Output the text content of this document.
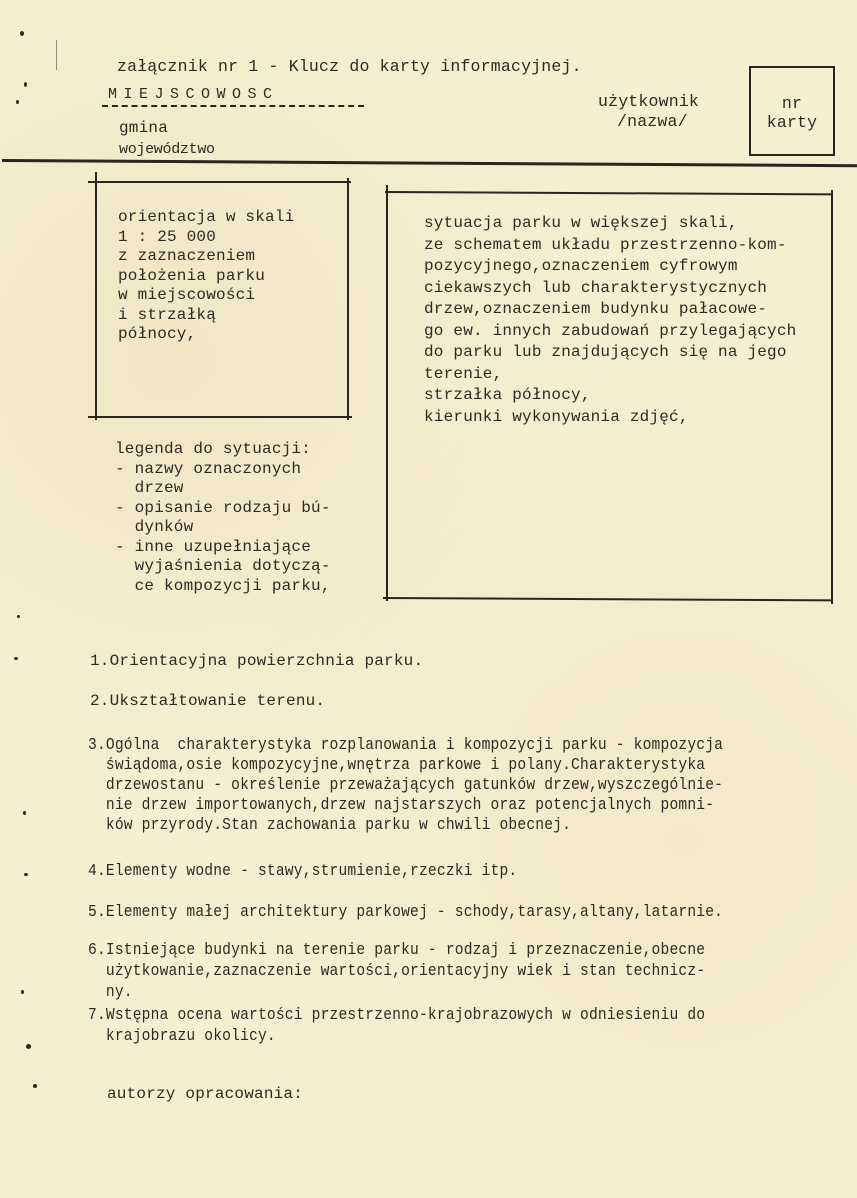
załącznik nr 1 - Klucz do karty informacyjnej.
MIEJSCOWOSC
gmina
województwo
użytkownik
/nazwa/
nr
karty
orientacja w skali
1 : 25 000
z zaznaczeniem
położenia parku
w miejscowości
i strzałką
północy,
legenda do sytuacji:
- nazwy oznaczonych
drzew
- opisanie rodzaju bú-
dynków
- inne uzupełniające
wyjaśnienia dotyczą-
ce kompozycji parku,
sytuacja parku w większej skali,
ze schematem układu przestrzenno-kom-
pozycyjnego,oznaczeniem cyfrowym
ciekawszych lub charakterystycznych
drzew,oznaczeniem budynku pałacowe-
go ew. innych zabudowań przylegających
do parku lub znajdujących się na jego
terenie,
strzałka północy,
kierunki wykonywania zdjęć,
1.Orientacyjna powierzchnia parku.
2.Ukształtowanie terenu.
3.Ogólna  charakterystyka rozplanowania i kompozycji parku - kompozycja
świądoma,osie kompozycyjne,wnętrza parkowe i polany.Charakterystyka
drzewostanu - określenie przeważających gatunków drzew,wyszczególnie-
nie drzew importowanych,drzew najstarszych oraz potencjalnych pomni-
ków przyrody.Stan zachowania parku w chwili obecnej.
4.Elementy wodne - stawy,strumienie,rzeczki itp.
5.Elementy małej architektury parkowej - schody,tarasy,altany,latarnie.
6.Istniejące budynki na terenie parku - rodzaj i przeznaczenie,obecne
użytkowanie,zaznaczenie wartości,orientacyjny wiek i stan technicz-
ny.
7.Wstępna ocena wartości przestrzenno-krajobrazowych w odniesieniu do
krajobrazu okolicy.
autorzy opracowania:
